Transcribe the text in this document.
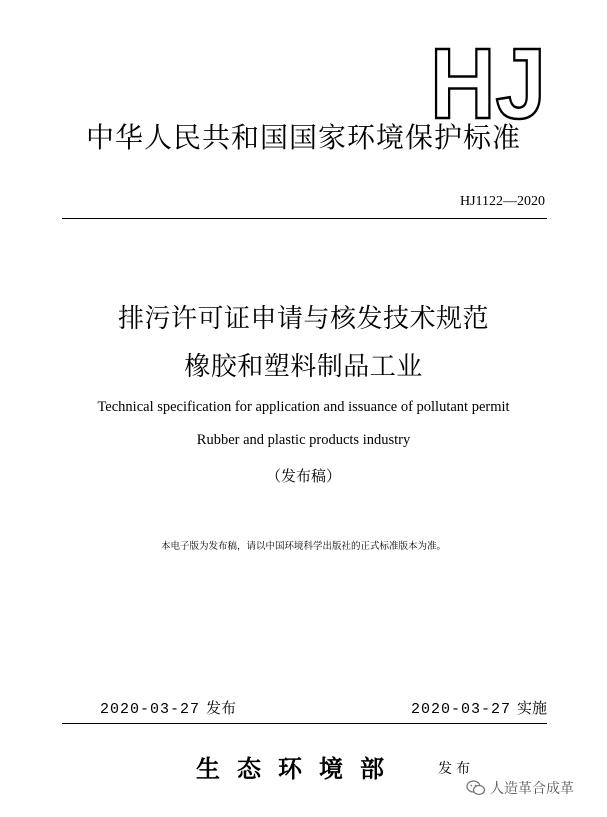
HJ
中华人民共和国国家环境保护标准
HJ1122—2020
排污许可证申请与核发技术规范
橡胶和塑料制品工业
Technical specification for application and issuance of pollutant permit
Rubber and plastic products industry
（发布稿）
本电子版为发布稿，请以中国环境科学出版社的正式标准版本为准。
2020-03-27 发布	2020-03-27 实施
生态环境部	发布
人造革合成革
